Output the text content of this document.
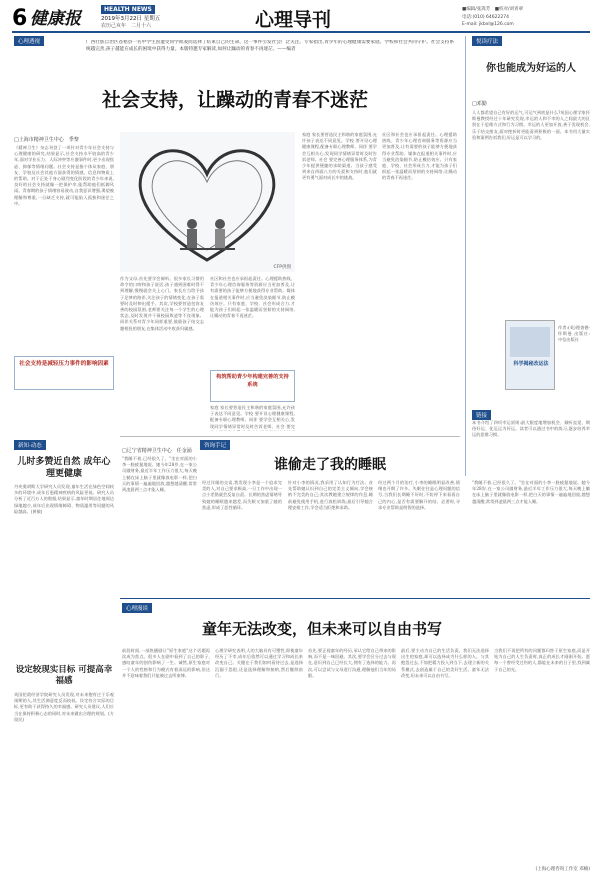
6 健康报	HEALTH NEWS
2019年3月22日 星期五
农历己亥年　二月十六	心理导刊	■编辑/张嵩芳　■校对/刘青翠
电话:(010) 64622274
E-mail: jkbxl@126.com
心理透视	广西壮族自治区苍梧县一名中学生因遭受同学欺凌而选择了结束自己的生命。这一事件引发社会广泛关注。专家指出,青少年的心理健康需要家庭、学校和社会共同守护。社会支持系统越完善,孩子越能在成长的困境中获得力量。本版特邀专家解读,如何让躁动的青春不再迷茫。——编者
社会支持，让躁动的青春不迷茫
□上海市精神卫生中心　季黎
CFP供图
《精神卫生》杂志刊登了一项针对青少年社会支持与心理健康的研究,结果显示,社会支持水平较高的青少年,面对学业压力、人际冲突等应激事件时,更少出现焦虑、抑郁等情绪问题。社会支持是指个体从家庭、朋友、学校及社会其他方面获得的情感、信息和物质上的帮助。对于正处于身心剧烈变化阶段的青少年来说,良好的社会支持就像一把保护伞,能帮助他们抵御风雨。青春期的孩子情绪容易波动,自我意识增强,渴望被理解和尊重,一旦缺乏支持,就可能陷入孤独和迷茫之中。
社会支持是减轻压力事件的影响因素
作为父母,首先要学会倾听。很多家长习惯用命令的口吻和孩子说话,孩子遇到困难时得不到理解,慢慢就会关上心门。家长应当给予孩子足够的陪伴,关注孩子的情绪变化,在孩子需要时及时伸出援手。其次,学校要营造包容友善的校园氛围,老师要关注每一个学生的心理状态,及时发现并干预校园欺凌等不良现象。同伴关系对青少年同样重要,鼓励孩子结交志趣相投的朋友,在集体活动中收获归属感。
社区和社会也应承担起责任。心理援助热线、青少年心理咨询服务等资源应当更加普及,让有需要的孩子能够方便地获得专业帮助。媒体在报道相关事件时,应当避免渲染细节,防止模仿效应。只有家庭、学校、社会形成合力,才能为孩子们织起一张温暖而坚韧的支持网络,让躁动的青春不再迷茫。
构筑帮助青少年构建完善的支持系统
家庭 家长要营造民主和谐的家庭氛围,允许孩子表达不同意见。学校 要开设心理健康课程,配备专职心理教师。同伴 要学会互相关心,发现同学情绪异常时及时告诉老师。社会 要完
家庭 家长要营造民主和谐的家庭氛围,允许孩子表达不同意见。学校 要开设心理健康课程,配备专职心理教师。同伴 要学会互相关心,发现同学情绪异常时及时告诉老师。社会 要完善心理服务体系,为青少年提供便捷的求助渠道。当孩子感受到来自四面八方的关爱和支持时,他们就更有勇气面对成长中的挑战。
社区和社会也应承担起责任。心理援助热线、青少年心理咨询服务等资源应当更加普及,让有需要的孩子能够方便地获得专业帮助。媒体在报道相关事件时,应当避免渲染细节,防止模仿效应。只有家庭、学校、社会形成合力,才能为孩子们织起一张温暖而坚韧的支持网络,让躁动的青春不再迷茫。
悦读疗法
你也能成为好运的人
□邓勤
人人都希望自己有好的运气,可运气到底是什么?英国心理学家怀斯曼教授经过十年研究发现,幸运的人和不幸的人之间最大的区别在于思维方式和行为习惯。幸运的人更加开放,善于发现机会,乐于结交朋友,面对挫折时更能看到积极的一面。本书用大量实验和案例告诉我们,好运是可以学习的。
科学揭秘改运法
作者:(英)理查德·怀斯曼 出版社:中信出版社
链接
本书介绍了四项幸运原则:最大限度地增加机会、倾听直觉、期待好运、化厄运为好运。读者可以通过书中的练习,逐步培养幸运的思维习惯。
新知·动态
儿时多赞近自然 成年心理更健康
丹麦奥胡斯大学研究人员发现,童年生活在绿色空间较多的环境中,成年后患精神疾病的风险更低。研究人员分析了近百万人的数据,结果显示,童年时期居住地周边绿地越少,成年后出现情绪障碍、物质滥用等问题的风险越高。(黄敏)
设定较现实目标 可提高幸福感
英国伦敦经济学院研究人员发现,对未来抱有过于乐观预期的人,其生活满意度反而较低。设定符合实际的目标,更有助于获得持久的幸福感。研究人员建议,人们应当在保持积极心态的同时,对未来做出合理的规划。(方留民)
咨询手记
□辽宁省精神卫生中心　任金涌
谁偷走了我的睡眠
"我睡不着,已经很久了。"坐在对面的小李一脸疲惫地说。她今年28岁,在一家公司做财务,最近半年工作压力很大,每天晚上躺在床上脑子里就像放电影一样,把白天的事情一遍遍地回放,越想越清醒,常常到凌晨两三点才能入睡。
经过详细的交谈,我发现小李是一个追求完美的人,对自己要求极高,一旦工作中出现一点小差错就会反复自责。长期的焦虑情绪导致她的睡眠越来越差,而失眠又加重了她的焦虑,形成了恶性循环。
针对小李的情况,我采用了认知行为疗法。首先帮助她认识到自己的完美主义倾向,学会接纳不完美的自己;其次教她建立规律的作息,睡前避免使用手机,进行放松训练;最后引导她合理安排工作,学会适当拒绝和求助。
经过两个月的治疗,小李的睡眠明显改善,情绪也开朗了许多。失眠往往是心理问题的信号,当我们长期睡不好时,不妨停下来看看自己的内心,是否有需要解开的结。必要时,寻求专业帮助是明智的选择。
"我睡不着,已经很久了。"坐在对面的小李一脸疲惫地说。她今年28岁,在一家公司做财务,最近半年工作压力很大,每天晚上躺在床上脑子里就像放电影一样,把白天的事情一遍遍地回放,越想越清醒,常常到凌晨两三点才能入睡。
心理漫谈
童年无法改变，但未来可以自由书写
前段时间,一部热播剧让"原生家庭"这个话题再次成为焦点。很多人在剧中看到了自己的影子,感叹童年的创伤影响了一生。诚然,原生家庭对一个人的性格和行为模式有着深远的影响,但这并不意味着我们只能被过去所束缚。
心理学研究表明,人的大脑具有可塑性,即使童年经历了不幸,成年后依然可以通过学习和成长来改变自己。关键在于我们如何看待过去,是选择沉溺于怨恨,还是选择理解和接纳,然后继续前行。
首先,要正视童年的经历,承认它给自己带来的影响,而不是一味回避。其次,要学会区分过去与现在,意识到自己已经长大,拥有了选择的能力。再次,可以尝试与父母进行沟通,理解他们当年的局限。
最后,要主动为自己的生活负责。我们无法选择出生的家庭,却可以选择成为什么样的人。与其抱怨过去,不如把精力投入到当下,去建立新的关系模式,去创造属于自己的美好生活。童年无法改变,但未来可以自由书写。
当我们不再把所有的问题都归咎于原生家庭,而是开始为自己的人生负责时,真正的成长才刚刚开始。愿每一个曾经受过伤的人,都能在未来的日子里,找到属于自己的光。
(上海心理咨询工作室 邓楠)
